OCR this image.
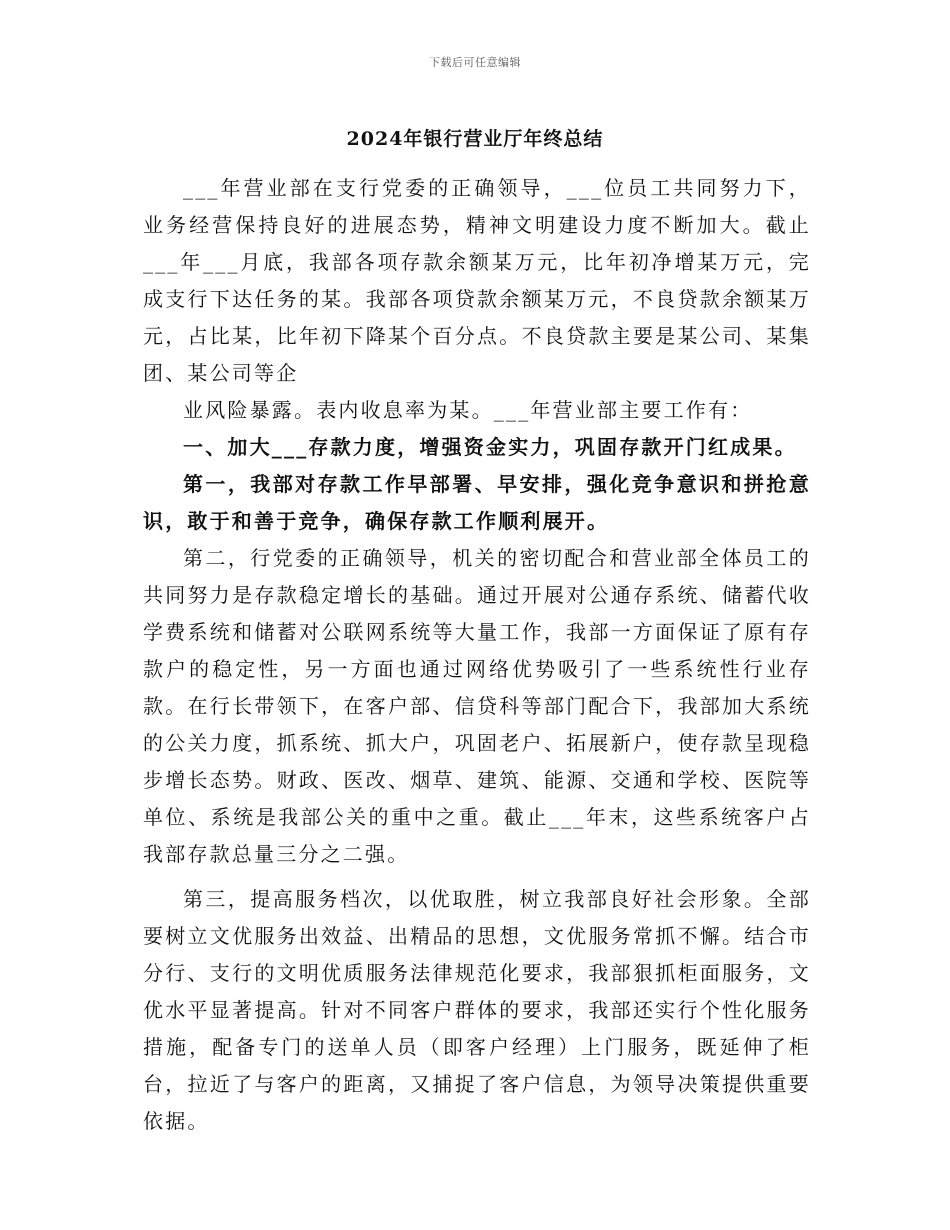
下载后可任意编辑
2024年银行营业厅年终总结

___年营业部在支行党委的正确领导，___位员工共同努力下，业务经营保持良好的进展态势，精神文明建设力度不断加大。截止___年___月底，我部各项存款余额某万元，比年初净增某万元，完成支行下达任务的某。我部各项贷款余额某万元，不良贷款余额某万元，占比某，比年初下降某个百分点。不良贷款主要是某公司、某集团、某公司等企

业风险暴露。表内收息率为某。___年营业部主要工作有：

一、加大___存款力度，增强资金实力，巩固存款开门红成果。

第一，我部对存款工作早部署、早安排，强化竞争意识和拼抢意识，敢于和善于竞争，确保存款工作顺利展开。

第二，行党委的正确领导，机关的密切配合和营业部全体员工的共同努力是存款稳定增长的基础。通过开展对公通存系统、储蓄代收学费系统和储蓄对公联网系统等大量工作，我部一方面保证了原有存款户的稳定性，另一方面也通过网络优势吸引了一些系统性行业存款。在行长带领下，在客户部、信贷科等部门配合下，我部加大系统的公关力度，抓系统、抓大户，巩固老户、拓展新户，使存款呈现稳步增长态势。财政、医改、烟草、建筑、能源、交通和学校、医院等单位、系统是我部公关的重中之重。截止___年末，这些系统客户占我部存款总量三分之二强。

第三，提高服务档次，以优取胜，树立我部良好社会形象。全部要树立文优服务出效益、出精品的思想，文优服务常抓不懈。结合市分行、支行的文明优质服务法律规范化要求，我部狠抓柜面服务，文优水平显著提高。针对不同客户群体的要求，我部还实行个性化服务措施，配备专门的送单人员（即客户经理）上门服务，既延伸了柜台，拉近了与客户的距离，又捕捉了客户信息，为领导决策提供重要依据。
